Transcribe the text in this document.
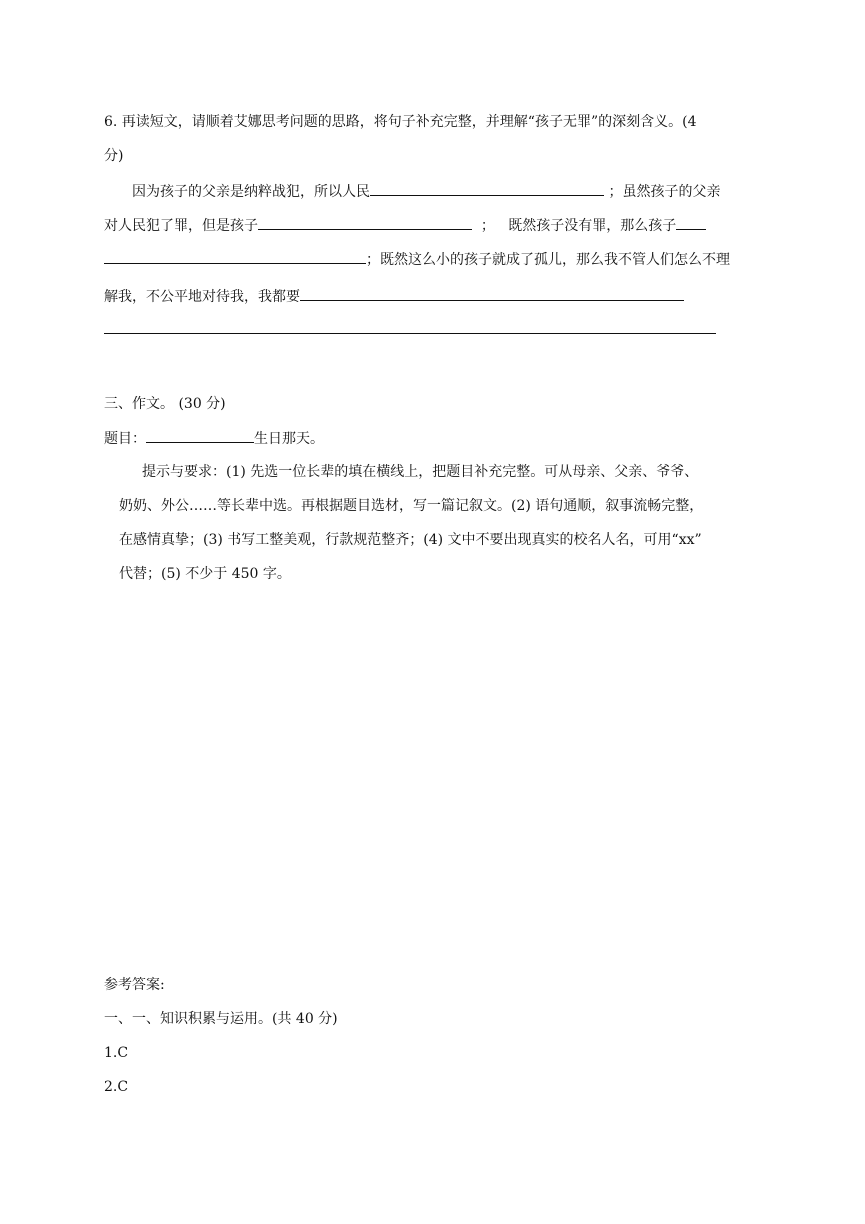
6. 再读短文，请顺着艾娜思考问题的思路，将句子补充完整，并理解“孩子无罪”的深刻含义。(4
分)
因为孩子的父亲是纳粹战犯，所以人民	；虽然孩子的父亲
对人民犯了罪，但是孩子	； 既然孩子没有罪，那么孩子
；既然这么小的孩子就成了孤儿，那么我不管人们怎么不理
解我，不公平地对待我，我都要
三、作文。 (30 分)
题目：	生日那天。
提示与要求：(1) 先选一位长辈的填在横线上，把题目补充完整。可从母亲、父亲、爷爷、
奶奶、外公……等长辈中选。再根据题目选材，写一篇记叙文。(2) 语句通顺，叙事流畅完整，
在感情真挚；(3) 书写工整美观，行款规范整齐；(4) 文中不要出现真实的校名人名，可用“xx”
代替；(5) 不少于 450 字。
参考答案:
一、一、知识积累与运用。(共 40 分)
1.C
2.C
